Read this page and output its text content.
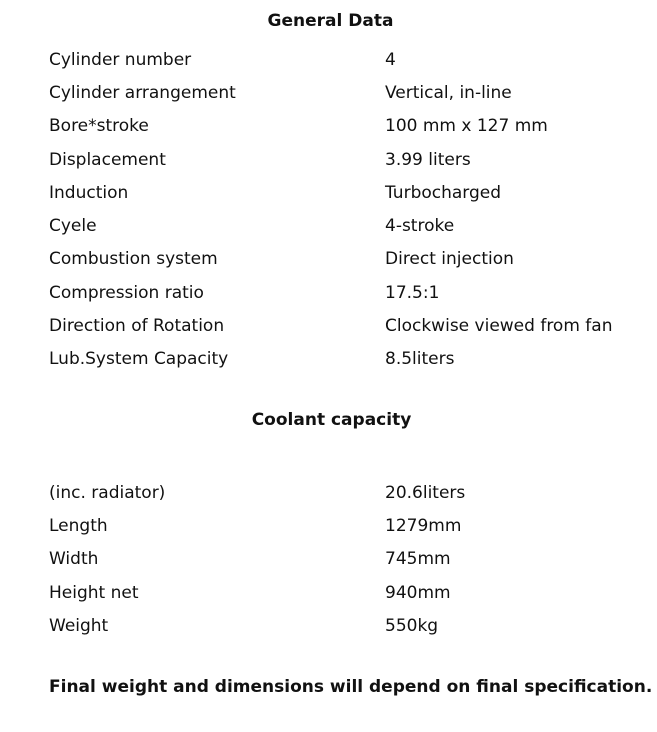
General Data
Cylinder number	4
Cylinder arrangement	Vertical, in-line
Bore*stroke	100 mm x 127 mm
Displacement	3.99 liters
Induction	Turbocharged
Cyele	4-stroke
Combustion system	Direct injection
Compression ratio	17.5:1
Direction of Rotation	Clockwise viewed from fan
Lub.System Capacity	8.5liters
Coolant capacity
(inc. radiator)	20.6liters
Length	1279mm
Width	745mm
Height net	940mm
Weight	550kg
Final weight and dimensions will depend on final specification.
